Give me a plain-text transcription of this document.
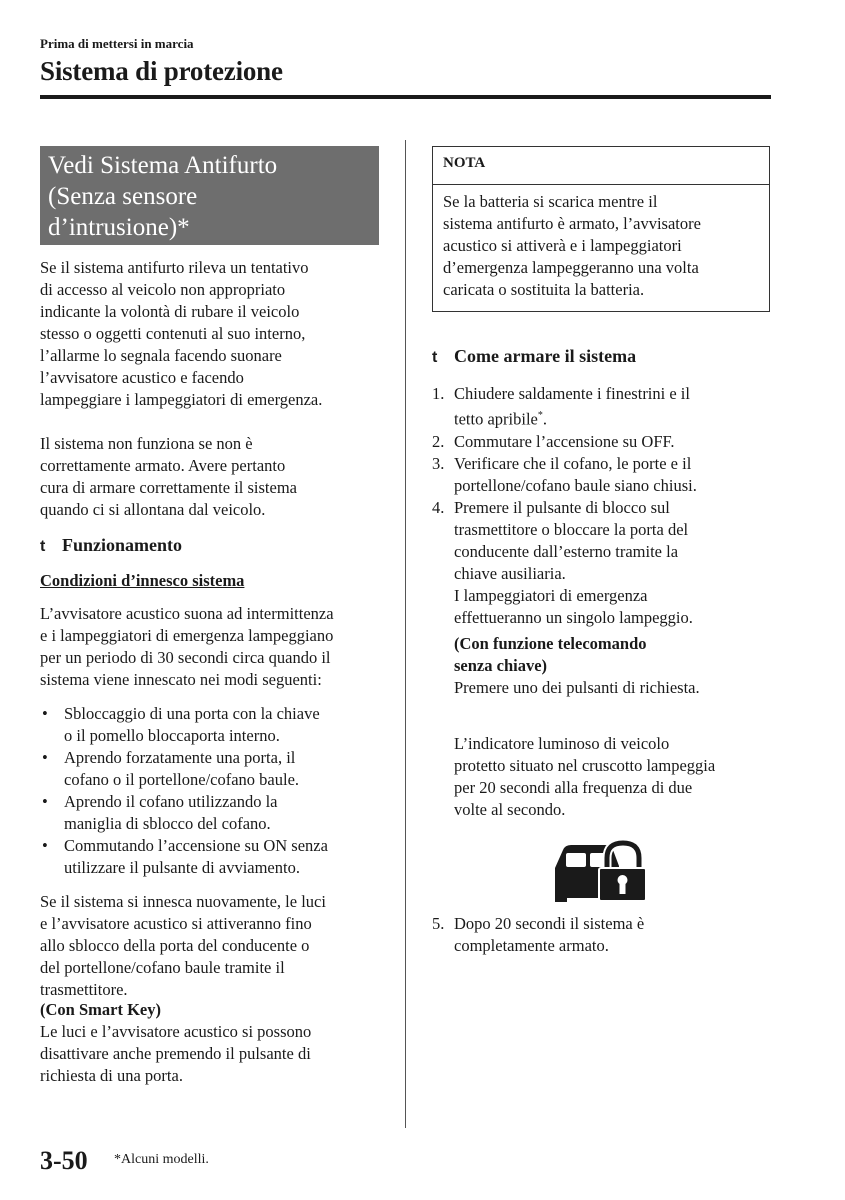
Prima di mettersi in marcia
Sistema di protezione
Vedi Sistema Antifurto
(Senza sensore
d’intrusione)*
Se il sistema antifurto rileva un tentativo
di accesso al veicolo non appropriato
indicante la volontà di rubare il veicolo
stesso o oggetti contenuti al suo interno,
l’allarme lo segnala facendo suonare
l’avvisatore acustico e facendo
lampeggiare i lampeggiatori di emergenza.
Il sistema non funziona se non è
correttamente armato. Avere pertanto
cura di armare correttamente il sistema
quando ci si allontana dal veicolo.
t Funzionamento
Condizioni d’innesco sistema
L’avvisatore acustico suona ad intermittenza
e i lampeggiatori di emergenza lampeggiano
per un periodo di 30 secondi circa quando il
sistema viene innescato nei modi seguenti:
• Sbloccaggio di una porta con la chiave
o il pomello bloccaporta interno.
• Aprendo forzatamente una porta, il
cofano o il portellone/cofano baule.
• Aprendo il cofano utilizzando la
maniglia di sblocco del cofano.
• Commutando l’accensione su ON senza
utilizzare il pulsante di avviamento.
Se il sistema si innesca nuovamente, le luci
e l’avvisatore acustico si attiveranno fino
allo sblocco della porta del conducente o
del portellone/cofano baule tramite il
trasmettitore.
(Con Smart Key)
Le luci e l’avvisatore acustico si possono
disattivare anche premendo il pulsante di
richiesta di una porta.
NOTA
Se la batteria si scarica mentre il
sistema antifurto è armato, l’avvisatore
acustico si attiverà e i lampeggiatori
d’emergenza lampeggeranno una volta
caricata o sostituita la batteria.
t Come armare il sistema
1. Chiudere saldamente i finestrini e il
tetto apribile*.
2. Commutare l’accensione su OFF.
3. Verificare che il cofano, le porte e il
portellone/cofano baule siano chiusi.
4. Premere il pulsante di blocco sul
trasmettitore o bloccare la porta del
conducente dall’esterno tramite la
chiave ausiliaria.
I lampeggiatori di emergenza
effettueranno un singolo lampeggio.
(Con funzione telecomando
senza chiave)
Premere uno dei pulsanti di richiesta.
L’indicatore luminoso di veicolo
protetto situato nel cruscotto lampeggia
per 20 secondi alla frequenza di due
volte al secondo.
5. Dopo 20 secondi il sistema è
completamente armato.
3-50 *Alcuni modelli.
